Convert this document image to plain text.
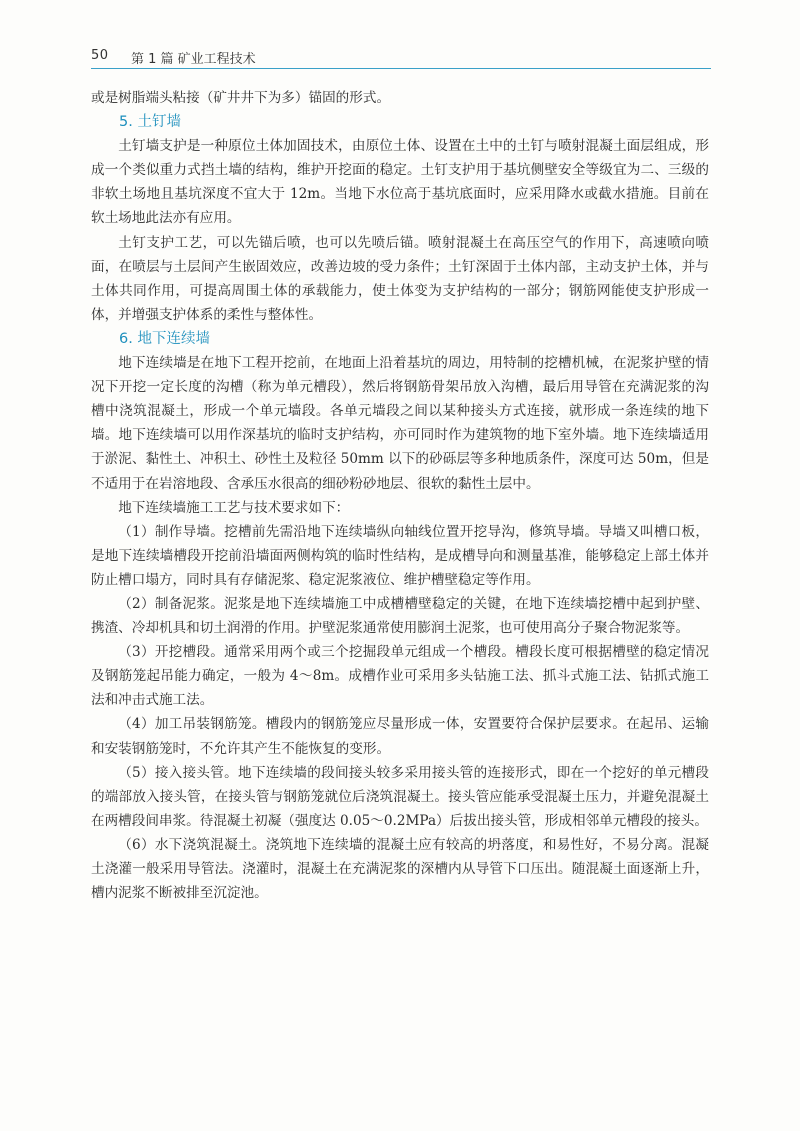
50 第 1 篇 矿业工程技术

或是树脂端头粘接（矿井井下为多）锚固的形式。

5. 土钉墙

土钉墙支护是一种原位土体加固技术，由原位土体、设置在土中的土钉与喷射混凝土面层组成，形成一个类似重力式挡土墙的结构，维护开挖面的稳定。土钉支护用于基坑侧壁安全等级宜为二、三级的非软土场地且基坑深度不宜大于 12m。当地下水位高于基坑底面时，应采用降水或截水措施。目前在软土场地此法亦有应用。

土钉支护工艺，可以先锚后喷，也可以先喷后锚。喷射混凝土在高压空气的作用下，高速喷向喷面，在喷层与土层间产生嵌固效应，改善边坡的受力条件；土钉深固于土体内部，主动支护土体，并与土体共同作用，可提高周围土体的承载能力，使土体变为支护结构的一部分；钢筋网能使支护形成一体，并增强支护体系的柔性与整体性。

6. 地下连续墙

地下连续墙是在地下工程开挖前，在地面上沿着基坑的周边，用特制的挖槽机械，在泥浆护壁的情况下开挖一定长度的沟槽（称为单元槽段），然后将钢筋骨架吊放入沟槽，最后用导管在充满泥浆的沟槽中浇筑混凝土，形成一个单元墙段。各单元墙段之间以某种接头方式连接，就形成一条连续的地下墙。地下连续墙可以用作深基坑的临时支护结构，亦可同时作为建筑物的地下室外墙。地下连续墙适用于淤泥、黏性土、冲积土、砂性土及粒径 50mm 以下的砂砾层等多种地质条件，深度可达 50m，但是不适用于在岩溶地段、含承压水很高的细砂粉砂地层、很软的黏性土层中。

地下连续墙施工工艺与技术要求如下：

（1）制作导墙。挖槽前先需沿地下连续墙纵向轴线位置开挖导沟，修筑导墙。导墙又叫槽口板，是地下连续墙槽段开挖前沿墙面两侧构筑的临时性结构，是成槽导向和测量基准，能够稳定上部土体并防止槽口塌方，同时具有存储泥浆、稳定泥浆液位、维护槽壁稳定等作用。

（2）制备泥浆。泥浆是地下连续墙施工中成槽槽壁稳定的关键，在地下连续墙挖槽中起到护壁、携渣、冷却机具和切土润滑的作用。护壁泥浆通常使用膨润土泥浆，也可使用高分子聚合物泥浆等。

（3）开挖槽段。通常采用两个或三个挖掘段单元组成一个槽段。槽段长度可根据槽壁的稳定情况及钢筋笼起吊能力确定，一般为 4～8m。成槽作业可采用多头钻施工法、抓斗式施工法、钻抓式施工法和冲击式施工法。

（4）加工吊装钢筋笼。槽段内的钢筋笼应尽量形成一体，安置要符合保护层要求。在起吊、运输和安装钢筋笼时，不允许其产生不能恢复的变形。

（5）接入接头管。地下连续墙的段间接头较多采用接头管的连接形式，即在一个挖好的单元槽段的端部放入接头管，在接头管与钢筋笼就位后浇筑混凝土。接头管应能承受混凝土压力，并避免混凝土在两槽段间串浆。待混凝土初凝（强度达 0.05～0.2MPa）后拔出接头管，形成相邻单元槽段的接头。

（6）水下浇筑混凝土。浇筑地下连续墙的混凝土应有较高的坍落度，和易性好，不易分离。混凝土浇灌一般采用导管法。浇灌时，混凝土在充满泥浆的深槽内从导管下口压出。随混凝土面逐渐上升，槽内泥浆不断被排至沉淀池。
